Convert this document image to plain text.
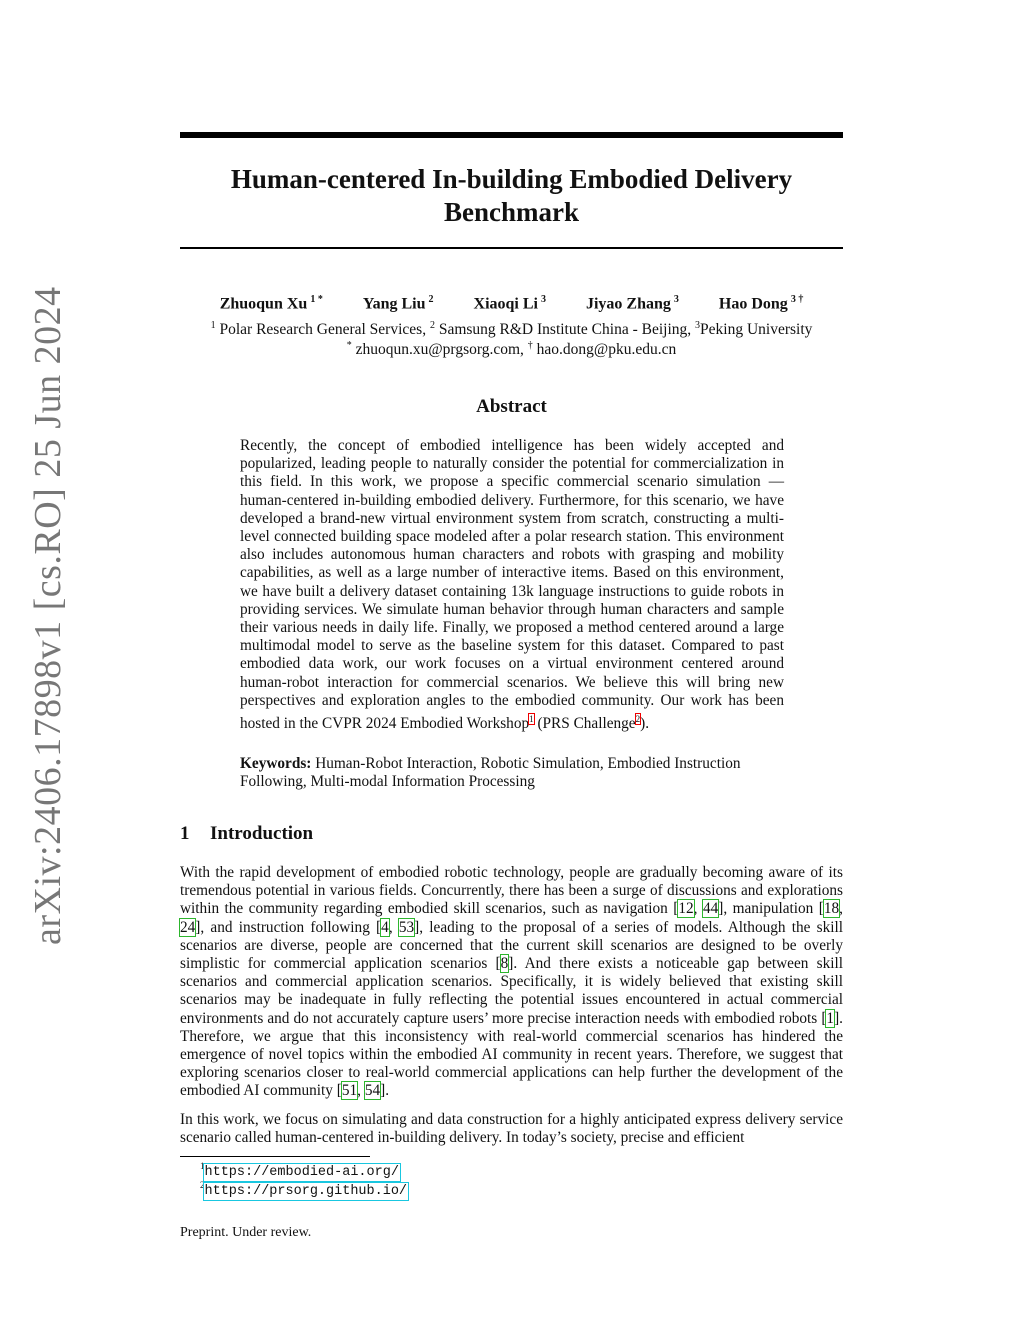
arXiv:2406.17898v1 [cs.RO] 25 Jun 2024
Human-centered In-building Embodied Delivery Benchmark
Zhuoqun Xu $^{1 *}$	Yang Liu $^2$	Xiaoqi Li $^3$	Jiyao Zhang $^3$	Hao Dong $^{3 \dagger}$
$^1$ Polar Research General Services, $^2$ Samsung R&D Institute China - Beijing, $^3$Peking University
* zhuoqun.xu@prgsorg.com, † hao.dong@pku.edu.cn
Abstract
Recently, the concept of embodied intelligence has been widely accepted and popularized, leading people to naturally consider the potential for commercialization in this field. In this work, we propose a specific commercial scenario simulation — human-centered in-building embodied delivery. Furthermore, for this scenario, we have developed a brand-new virtual environment system from scratch, constructing a multi-level connected building space modeled after a polar research station. This environment also includes autonomous human characters and robots with grasping and mobility capabilities, as well as a large number of interactive items. Based on this environment, we have built a delivery dataset containing 13k language instructions to guide robots in providing services. We simulate human behavior through human characters and sample their various needs in daily life. Finally, we proposed a method centered around a large multimodal model to serve as the baseline system for this dataset. Compared to past embodied data work, our work focuses on a virtual environment centered around human-robot interaction for commercial scenarios. We believe this will bring new perspectives and exploration angles to the embodied community. Our work has been hosted in the CVPR 2024 Embodied Workshop$^1$ (PRS Challenge$^2$).
Keywords: Human-Robot Interaction, Robotic Simulation, Embodied Instruction Following, Multi-modal Information Processing
1 Introduction
With the rapid development of embodied robotic technology, people are gradually becoming aware of its tremendous potential in various fields. Concurrently, there has been a surge of discussions and explorations within the community regarding embodied skill scenarios, such as navigation [12, 44], manipulation [18, 24], and instruction following [4, 53], leading to the proposal of a series of models. Although the skill scenarios are diverse, people are concerned that the current skill scenarios are designed to be overly simplistic for commercial application scenarios [8]. And there exists a noticeable gap between skill scenarios and commercial application scenarios. Specifically, it is widely believed that existing skill scenarios may be inadequate in fully reflecting the potential issues encountered in actual commercial environments and do not accurately capture users’ more precise interaction needs with embodied robots [1]. Therefore, we argue that this inconsistency with real-world commercial scenarios has hindered the emergence of novel topics within the embodied AI community in recent years. Therefore, we suggest that exploring scenarios closer to real-world commercial applications can help further the development of the embodied AI community [51, 54].
In this work, we focus on simulating and data construction for a highly anticipated express delivery service scenario called human-centered in-building delivery. In today’s society, precise and efficient
$^1$https://embodied-ai.org/
$^2$https://prsorg.github.io/
Preprint. Under review.
